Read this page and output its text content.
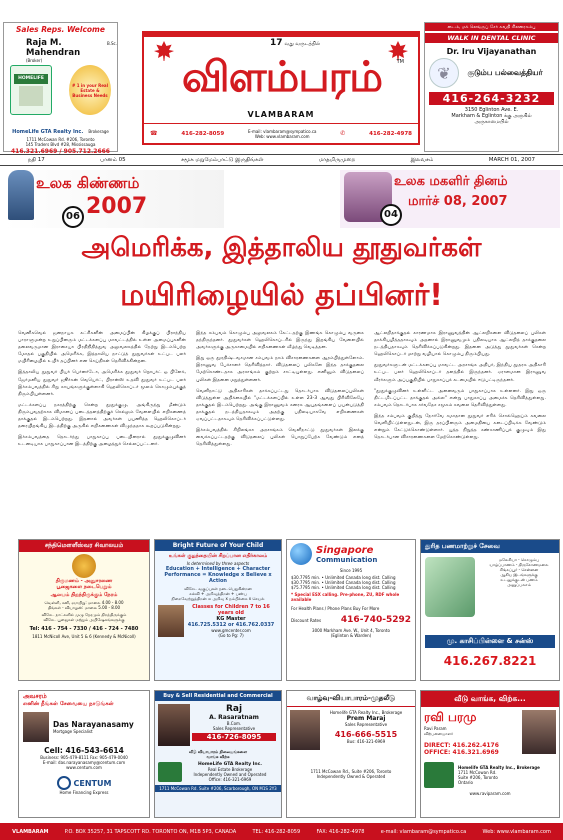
Sales Reps. Welcome
Raja M. Mahendran
B.Sc.
(Broker)
HOMELIFE
# 1 in your Real Estate & Business Needs
HomeLife GTA Realty Inc. Brokerage
1711 McCowan Rd. #206, Toronto
145 Traders Blvd #28, Mississauga
416.321.6969 / 905.712.2666
17 வது வருடத்தில்
விளம்பரம்	TM
VLAMBARAM
☎	416-282-8059	E-mail: vlambaram@sympatico.ca
Web: www.vlambaram.com	✆	416-282-4978
டைம், மக் லெங்ருப் சேர் சுவதி சிலரைகம்பு
WALK IN DENTAL CLINIC
Dr. Iru Vijayanathan
❦	குடும்ப பல்வைத்தியர்
416-264-3232
3150 Eglinton Ave. E.
Markham & Eglinton க்கு அருகில்
அருகாமையில்
நதி 17	பானம் 05	சமூக மறுமேம்பாட்டு இருதிங்கள்	மாதமிருமுறை	இலவசம்	MARCH 01, 2007
உலக கிண்ணம்
2007
06
உலக மகளிர் தினம்
மார்ச் 08, 2007
04
அமெரிக்க, இத்தாலிய தூதுவர்கள்
மயிரிழையில் தப்பினர்!

வெனிசுவெல் ஜனநாயக கட்சிகளின் அமைப்பின் கிழக்குப் பிராந்திய பாராளுமன்ற உறுப்பினரும் மட்டக்களப்பு மாவட்டத்தில் உள்ள அமைப்புகளின் தலைவருமான இராசையா பிரதிநிதித்துவ அலுவலகத்தில் நேற்று இடம்பெற்ற மோதல் பகுதியில் அமெரிக்க, இத்தாலிய நாட்டுத் தூதுவர்கள் உட்பட பலர் மயிரிழையில் உயிர் தப்பினர் என செய்திகள் தெரிவிக்கின்றன.

இத்தாலிய தூதுவர் பியர் பெர்னர்டோ, அமெரிக்க தூதுவர் றொபர்ட் ஓ பிளேக், ஜேர்மனிய தூதுவர் ஜூர்கன் வெயெர்ட், பிரான்ஸ் உதவி தூதுவர் உட்பட பலர் இச்சம்பவத்தில் சிறு காயங்களுக்குள்ளாகி ஹெலிகொப்டர் மூலம் கொழும்புக்குத் திரும்பியுள்ளனர்.

மட்டக்களப்பு நகரத்திற்கு சென்ற தூதுக்குழு, அங்கிருந்து மீண்டும் திரும்புவதற்காக விமானப் படைத்தளத்திற்குச் செல்லும் வேளையில் எறிகணைத் தாக்குதல் இடம்பெற்றது. இதனால் அவர்கள் பயணித்த ஹெலிகொப்டர் தரையிறங்கிய இடத்திற்கு அருகில் எறிகணைகள் விழுந்ததாக கூறப்படுகின்றது.

இச்சம்பவத்தை தொடர்ந்து பாதுகாப்பு படையினரால் தூதுக்குழுவினர் உடனடியாக பாதுகாப்பான இடத்திற்கு அழைத்துச் செல்லப்பட்டனர்.

இந்த சம்பவம் கொழும்பு அலுவலகம் கேட்டதற்கு இணங்க கொழும்பு வருகை தந்திருந்தனர். தூதுவர்கள் ஹெலிகொப்டரில் இருந்து இறங்கிய வேளையில் அவர்களுக்கு அருகாமையில் எறிகணைகள் வீழ்ந்து வெடித்தன.

இது ஒரு தூரதிஷ்டவசமான சம்பவம் நாம் விசாரணைகளை ஆரம்பித்துள்ளோம். இராணுவ பேச்சாளர் தெரிவித்தார். விடுதலைப் புலிகளே இந்த தாக்குதலை மேற்கொண்டதாக அரசாங்கம் குற்றம் சாட்டியுள்ளது. எனினும் விடுதலைப் புலிகள் இதனை மறுத்துள்ளனர்.

வெளிநாட்டு அதிகாரிகள் தாக்கப்பட்டது தொடர்பாக விடுதலைப்புலிகள் விடுத்துள்ள அறிக்கையில் "மட்டக்களப்பில் உள்ள 23-3 ஆவது பிரிவிலேயே தாக்குதல் இடம்பெற்றது. அங்கு இராணுவம் கனரக ஆயுதங்களைப் பயன்படுத்தி தாக்குதல் நடத்தியதாகவும் அதற்கு பதிலடியாகவே எறிகணைகள் ஏவப்பட்டதாகவும் தெரிவிக்கப்பட்டுள்ளது.

இச்சம்பவத்தில் சிறிலங்கா அரசாங்கம் வெளிநாட்டு தூதுவர்கள் இலக்கு வைக்கப்பட்டதற்கு விடுதலைப் புலிகள் பொறுப்பேற்க வேண்டும் எனத் தெரிவித்துள்ளது.

ஆட்லறிதாக்குதல் காரணமாக இராணுவத்தின் ஆட்லறிகளை விடுதலைப் புலிகள் தாக்கியழித்ததாகவும் அதனால் இராணுவமும் பதிலடியாக ஆட்லறித் தாக்குதலை நடத்தியதாகவும் தெரிவிக்கப்படுகின்றது. இதனை அடுத்து தூதுவர்கள் சென்ற ஹெலிகொப்டர் மாற்று வழியால் கொழும்பு திரும்பியது.

தூதுவர்களுடன் மட்டக்களப்பு மாவட்ட அரசாங்க அதிபர், இந்திய தூதரக அதிகாரி உட்பட பலர் ஹெலிகொப்டர் தளத்தில் இருந்தனர். ஏராளமான இராணுவ வீரர்களும் அப்பகுதியில் பாதுகாப்புக் கடமையில் ஈடுபட்டிருந்தனர்.

"தூதுக்குழுவினர் உள்ளிட்ட அனைவரும் பாதுகாப்பாக உள்ளனர். இது ஒரு திட்டமிடப்பட்ட தாக்குதல் அல்ல" என்று பாதுகாப்பு அமைச்சு தெரிவித்துள்ளது. சம்பவம் தொடர்பாக சர்வதேச சமூகம் கவலை தெரிவித்துள்ளது.

இந்த சம்பவம் குறித்து நோர்வே சமாதான தூதுவர் எரிக் சொல்ஹெய்ம் கவலை வெளியிட்டுள்ளதுடன், இரு தரப்பினரும் அமைதியை கடைப்பிடிக்க வேண்டும் என்றும் கேட்டுக்கொண்டுள்ளார். யுத்த நிறுத்த கண்காணிப்புக் குழுவும் இது தொடர்பான விசாரணைகளை மேற்கொண்டுள்ளது.

சந்திமௌளீஸ்வர சிவாலயம்
திருமணம் - அனுசரணை
பூஜைகளை நடைபெறும்
ஆலயம் திறந்திருக்கும் நேரம்
வெள்ளி, சனி, ஞாயிறு: மாலை 4.00 - 8.00
திங்கள் - வியாழன்: மாலை 5.00 - 8.00
விசேட நாட்களில் முழு நேரமும் திறந்திருக்கும்
விசேட பூஜைகள் மற்றும் அபிஷேகங்களுக்கு
Tel: 416 - 754 - 7330 / 416 - 724 - 7480
1811 McNicoll Ave, Unit 5 & 6 (Kennedy & McNicoll)
Bright Future of Your Child
உங்கள் குழந்தையின் சிறப்பான எதிர்காலம்
Is determined by three aspects
Education + Intelligence + Character
Performance = Knowledge x Believe x Action
விசேட வகுப்புகள் நடைபெறுகின்றன
கல்வி + அறிவுத்திறன் + பண்பு
நிறைவேற்றுத்திறன் = அறிவு x நம்பிக்கை x செயல்
Classes for Children 7 to 16 years old
KG Master
416.725.5312 or 416.762.0337
www.gmcenter.com
(Go to Pg: 7)
Singapore
Communication
Since 1995
$30.7795 min. • Unlimited Canada long dist. Calling
$30.7795 min. • Unlimited Canada long dist. Calling
$75.7795 min. • Unlimited Canada long dist. Calling
* Special ESX calling. Pre-phone, ZU, RDF whole available
For Health Plans / Phone Plans Buy For More
Discount Rates 416-740-5292
3000 Markham Ave. W., Unit 4, Toronto
(Eglinton & Warden)
துரித பணமாற்றுச் சேவை
மலேசியா - கொழும்பு
யாழ்ப்பாணம் - திருகோணமலை
சிங்கப்பூர் - சென்னை
ஆகிய இடங்களுக்கு
உடனுக்குடன் பணம்
அனுப்பலாம்
மு. காசிப்பிள்ளை & சன்ஸ்
416.267.8221
அவசரம்
எனின் நீங்கள் சேவையை நாடுங்கள்
Das Narayanasamy
Mortgage Specialist
Cell: 416-543-6614
Business: 905-479-8111 Fax: 905-479-0040
E-mail: das.narayanasamy@centum.com
www.centum.com
CENTUM
Home Financing Express
Buy & Sell Residential and Commercial
Raj
A. Rasaratnam
B.Com.
Sales Representative
416-726-8095
வீடு வியாபாரம் நிலையங்களை
வாங்க விற்க
HomeLife GTA Realty Inc.
Real Estate Brokerage
Independently Owned and Operated
Office: 416-321-6969
1711 McCowan Rd. Suite #206, Scarborough, ON M1S 2Y3
வாழ்வு-வியாபாரம்-முதலீடு
Homelife GTA Realty Inc., Brokerage
Prem Maraj
Sales Representative
416-666-5515
Bus: 416-321-6969
1711 McCowan Rd., Suite #206, Toronto
Independently Owned & Operated
வீடு வாங்க, விற்க...
ரவி பரமு
Ravi Param
விற்பனையாளர்
DIRECT: 416.262.4176
OFFICE: 416.321.6969
Homelife GTA Realty Inc., Brokerage
1711 McCowan Rd.
Suite #206, Toronto
Ontario
www.raviparam.com
VLAMBARAM	P.O. BOX 35257, 31 TAPSCOTT RD. TORONTO ON, M1B 5P3, CANADA	TEL: 416-282-8059	FAX: 416-282-4978	e-mail: vlambaram@sympatico.ca	Web: www.vlambaram.com
